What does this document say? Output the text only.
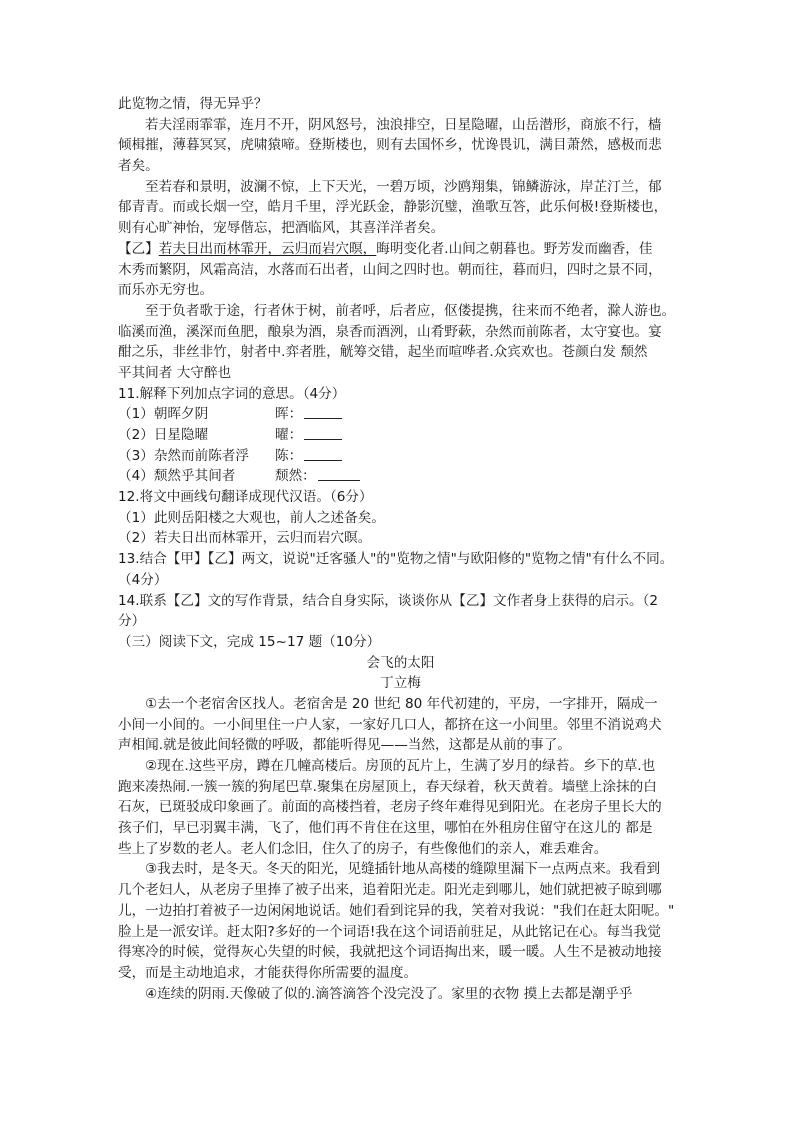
此览物之情，得无异乎？
若夫淫雨霏霏，连月不开，阴风怒号，浊浪排空，日星隐曜，山岳潜形，商旅不行，樯
倾楫摧，薄暮冥冥，虎啸猿啼。登斯楼也，则有去国怀乡，忧谗畏讥，满目萧然，感极而悲
者矣。
至若春和景明，波澜不惊，上下天光，一碧万顷，沙鸥翔集，锦鳞游泳，岸芷汀兰，郁
郁青青。而或长烟一空，皓月千里，浮光跃金，静影沉璧，渔歌互答，此乐何极!登斯楼也，
则有心旷神怡，宠辱偕忘，把酒临风，其喜洋洋者矣。
【乙】若夫日出而林霏开，云归而岩穴暝，晦明变化者.山间之朝暮也。野芳发而幽香，佳
木秀而繁阴，风霜高洁，水落而石出者，山间之四时也。朝而往，暮而归，四时之景不同，
而乐亦无穷也。
至于负者歌于途，行者休于树，前者呼，后者应，伛偻提携，往来而不绝者，滁人游也。
临溪而渔，溪深而鱼肥，酿泉为酒，泉香而酒洌，山肴野蔌，杂然而前陈者，太守宴也。宴
酣之乐，非丝非竹，射者中.弈者胜，觥筹交错，起坐而喧哗者.众宾欢也。苍颜白发 颓然
平其间者 大守醉也
11.解释下列加点字词的意思。（4分）
（1）朝晖夕阴	晖：
（2）日星隐曜	曜：
（3）杂然而前陈者浮	陈：
（4）颓然乎其间者	颓然：
12.将文中画线句翻译成现代汉语。（6分）
（1）此则岳阳楼之大观也，前人之述备矣。
（2）若夫日出而林霏开，云归而岩穴暝。
13.结合【甲】【乙】两文，说说"迁客骚人"的"览物之情"与欧阳修的"览物之情"有什么不同。
（4分）
14.联系【乙】文的写作背景，结合自身实际，谈谈你从【乙】文作者身上获得的启示。（2
分）
（三）阅读下文，完成 15~17 题（10分）
会飞的太阳
丁立梅
①去一个老宿舍区找人。老宿舍是 20 世纪 80 年代初建的，平房，一字排开，隔成一
小间一小间的。一小间里住一户人家，一家好几口人，都挤在这一小间里。邻里不消说鸡犬
声相闻.就是彼此间轻微的呼吸，都能听得见——当然，这都是从前的事了。
②现在.这些平房，蹲在几幢高楼后。房顶的瓦片上，生满了岁月的绿苔。乡下的草.也
跑来凑热闹.一簇一簇的狗尾巴草.聚集在房屋顶上，春天绿着，秋天黄着。墙壁上涂抹的白
石灰，已斑驳成印象画了。前面的高楼挡着，老房子终年难得见到阳光。在老房子里长大的
孩子们，早已羽翼丰满，飞了，他们再不肯住在这里，哪怕在外租房住留守在这儿的 都是
些上了岁数的老人。老人们念旧，住久了的房子，有些像他们的亲人，难丢难舍。
③我去时，是冬天。冬天的阳光，见缝插针地从高楼的缝隙里漏下一点两点来。我看到
几个老妇人，从老房子里捧了被子出来，追着阳光走。阳光走到哪儿，她们就把被子晾到哪
儿，一边拍打着被子一边闲闲地说话。她们看到诧异的我，笑着对我说："我们在赶太阳呢。"
脸上是一派安详。赶太阳?多好的一个词语!我在这个词语前驻足，从此铭记在心。每当我觉
得寒冷的时候，觉得灰心失望的时候，我就把这个词语掏出来，暖一暖。人生不是被动地接
受，而是主动地追求，才能获得你所需要的温度。
④连续的阴雨.天像破了似的.滴答滴答个没完没了。家里的衣物 摸上去都是潮乎乎
